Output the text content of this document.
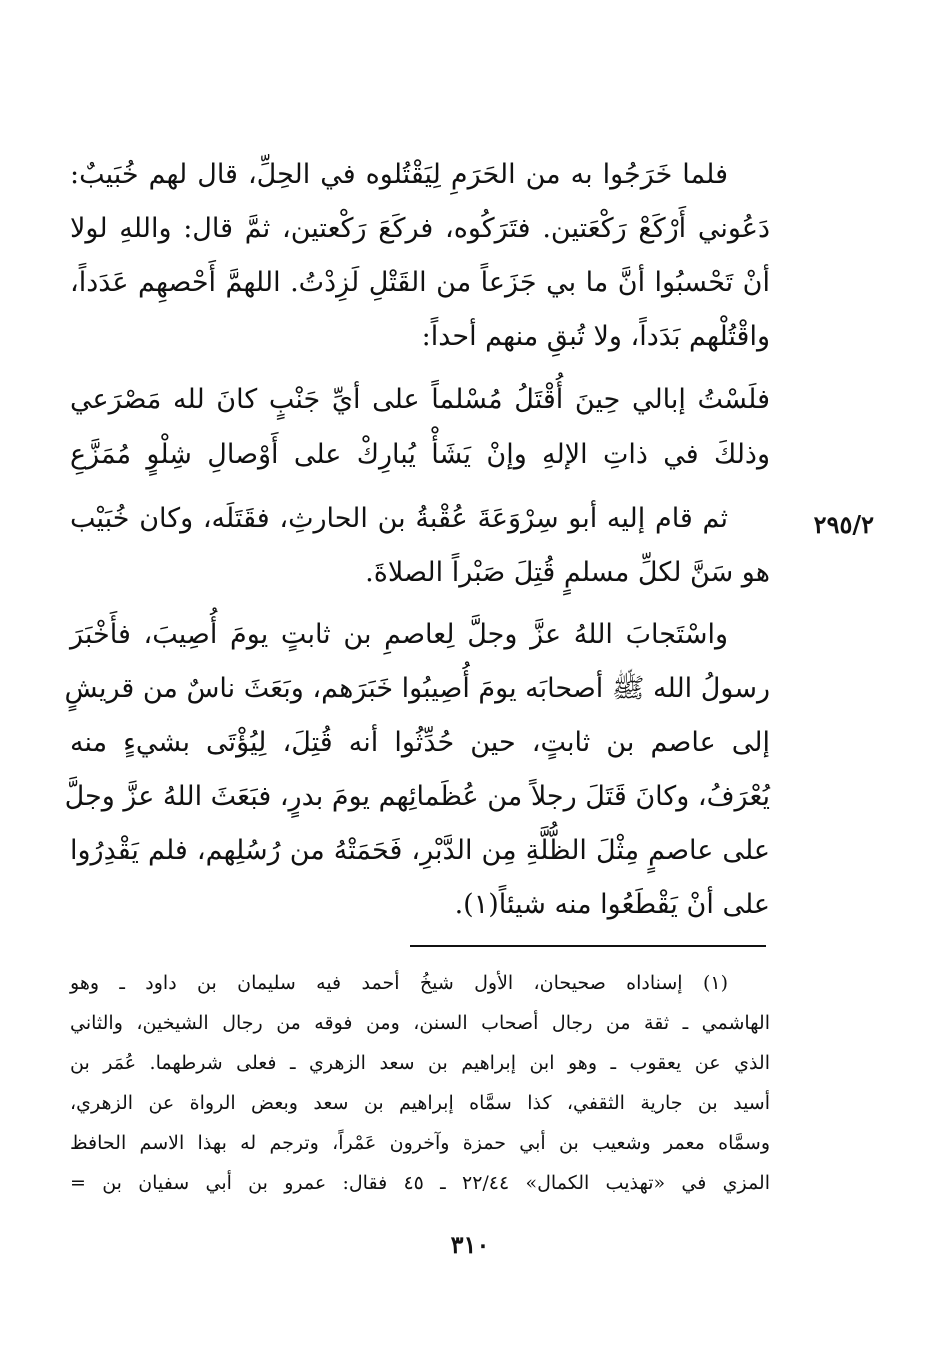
فلما خَرَجُوا به من الحَرَمِ لِيَقْتُلوه في الحِلِّ، قال لهم خُبَيبٌ:
دَعُوني أَرْكَعْ رَكْعَتين. فتَرَكُوه، فركَعَ رَكْعتين، ثمَّ قال: واللهِ لولا
أنْ تَحْسبُوا أنَّ ما بي جَزَعاً من القَتْلِ لَزِدْتُ. اللهمَّ أَحْصهِم عَدَداً،
واقْتُلْهم بَدَداً، ولا تُبقِ منهم أحداً:
فلَسْتُ إبالي حِينَ أُقْتَلُ مُسْلماً على أيِّ جَنْبٍ كانَ لله مَصْرَعي
وذلكَ في ذاتِ الإلهِ وإنْ يَشَأْ يُبارِكْ على أَوْصالِ شِلْوٍ مُمَزَّعِ
٢٩٥/٢
ثم قام إليه أبو سِرْوَعَةَ عُقْبةُ بن الحارثِ، فقَتَلَه، وكان خُبَيْب
هو سَنَّ لكلِّ مسلمٍ قُتِلَ صَبْراً الصلاةَ.
واسْتَجابَ اللهُ عزَّ وجلَّ لِعاصمِ بن ثابتٍ يومَ أُصِيبَ، فأَخْبَرَ
رسولُ الله ﷺ أصحابَه يومَ أُصِيبُوا خَبَرَهم، وبَعَثَ ناسٌ من قريشٍ
إلى عاصم بن ثابتٍ، حين حُدِّثُوا أنه قُتِلَ، لِيُؤْتَى بشيءٍ منه
يُعْرَفُ، وكانَ قَتَلَ رجلاً من عُظَمائِهم يومَ بدرٍ، فبَعَثَ اللهُ عزَّ وجلَّ
على عاصمٍ مِثْلَ الظُّلَّةِ مِن الدَّبْرِ، فَحَمَتْهُ من رُسُلِهم، فلم يَقْدِرُوا
على أنْ يَقْطَعُوا منه شيئاً(١).
(١) إسناداه صحيحان، الأول شيخُ أحمد فيه سليمان بن داود ـ وهو
الهاشمي ـ ثقة من رجال أصحاب السنن، ومن فوقه من رجال الشيخين، والثاني
الذي عن يعقوب ـ وهو ابن إبراهيم بن سعد الزهري ـ فعلى شرطهما. عُمَر بن
أسيد بن جارية الثقفي، كذا سمَّاه إبراهيم بن سعد وبعض الرواة عن الزهري،
وسمَّاه معمر وشعيب بن أبي حمزة وآخرون عَمْراً، وترجم له بهذا الاسم الحافظ
المزي في «تهذيب الكمال» ٢٢/٤٤ ـ ٤٥ فقال: عمرو بن أبي سفيان بن =
٣١٠
